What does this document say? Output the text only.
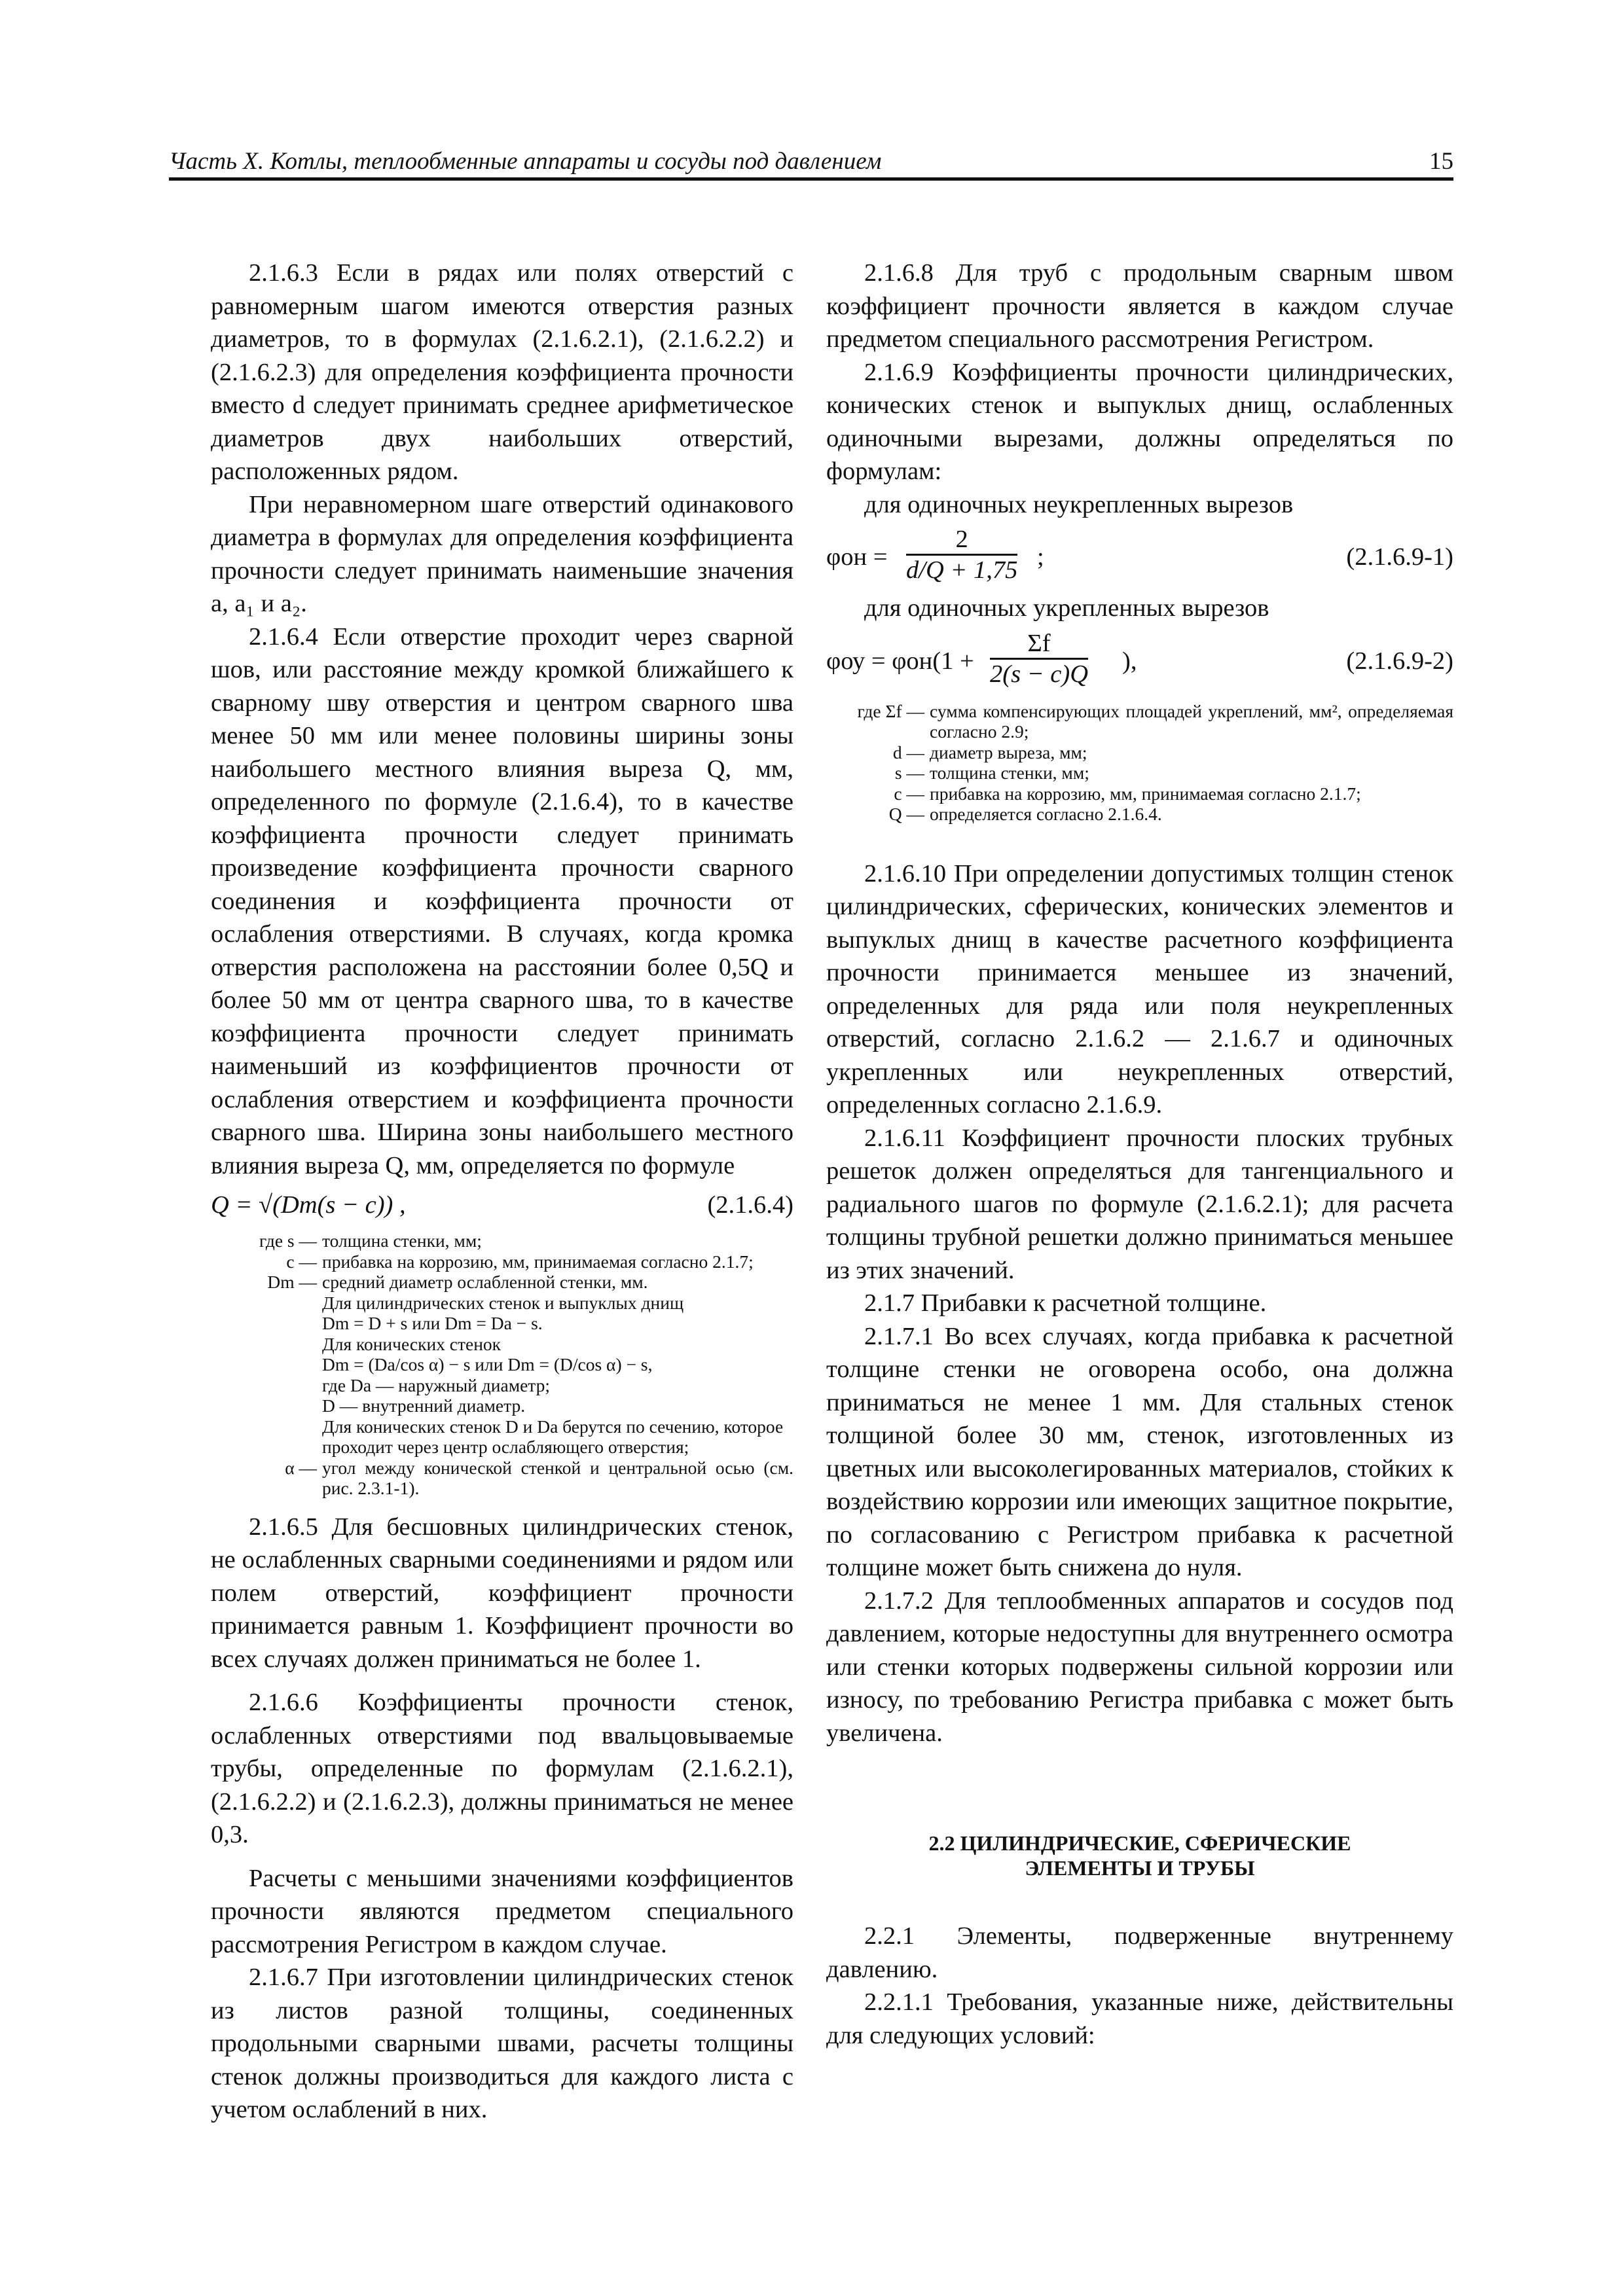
Часть X. Котлы, теплообменные аппараты и сосуды под давлением	15

2.1.6.3 Если в рядах или полях отверстий с равномерным шагом имеются отверстия разных диаметров, то в формулах (2.1.6.2.1), (2.1.6.2.2) и (2.1.6.2.3) для определения коэффициента прочности вместо d следует принимать среднее арифметическое диаметров двух наибольших отверстий, расположенных рядом.

При неравномерном шаге отверстий одинакового диаметра в формулах для определения коэффициента прочности следует принимать наименьшие значения a, a₁ и a₂.

2.1.6.4 Если отверстие проходит через сварной шов, или расстояние между кромкой ближайшего к сварному шву отверстия и центром сварного шва менее 50 мм или менее половины ширины зоны наибольшего местного влияния выреза Q, мм, определенного по формуле (2.1.6.4), то в качестве коэффициента прочности следует принимать произведение коэффициента прочности сварного соединения и коэффициента прочности от ослабления отверстиями. В случаях, когда кромка отверстия расположена на расстоянии более 0,5Q и более 50 мм от центра сварного шва, то в качестве коэффициента прочности следует принимать наименьший из коэффициентов прочности от ослабления отверстием и коэффициента прочности сварного шва. Ширина зоны наибольшего местного влияния выреза Q, мм, определяется по формуле

Q = √(Dm(s − c)) ,	(2.1.6.4)
где s — толщина стенки, мм;
c — прибавка на коррозию, мм, принимаемая согласно 2.1.7;
Dm — средний диаметр ослабленной стенки, мм.
Для цилиндрических стенок и выпуклых днищ
Dm = D + s или Dm = Da − s.
Для конических стенок
Dm = (Da/cos α) − s или Dm = (D/cos α) − s,
где Da — наружный диаметр;
D — внутренний диаметр.
Для конических стенок D и Da берутся по сечению, которое проходит через центр ослабляющего отверстия;
α — угол между конической стенкой и центральной осью (см. рис. 2.3.1-1).

2.1.6.5 Для бесшовных цилиндрических стенок, не ослабленных сварными соединениями и рядом или полем отверстий, коэффициент прочности принимается равным 1. Коэффициент прочности во всех случаях должен приниматься не более 1.

2.1.6.6 Коэффициенты прочности стенок, ослабленных отверстиями под ввальцовываемые трубы, определенные по формулам (2.1.6.2.1), (2.1.6.2.2) и (2.1.6.2.3), должны приниматься не менее 0,3.

Расчеты с меньшими значениями коэффициентов прочности являются предметом специального рассмотрения Регистром в каждом случае.

2.1.6.7 При изготовлении цилиндрических стенок из листов разной толщины, соединенных продольными сварными швами, расчеты толщины стенок должны производиться для каждого листа с учетом ослаблений в них.

2.1.6.8 Для труб с продольным сварным швом коэффициент прочности является в каждом случае предметом специального рассмотрения Регистром.

2.1.6.9 Коэффициенты прочности цилиндрических, конических стенок и выпуклых днищ, ослабленных одиночными вырезами, должны определяться по формулам:

для одиночных неукрепленных вырезов

$\varphi он = \frac{2}{d/Q + 1,75}$ ;	(2.1.6.9-1)

для одиночных укрепленных вырезов

$\varphi оу = \varphi он(1 + \frac{\Sigma f}{2(s - c)Q}$ ),	(2.1.6.9-2)
где Σf — сумма компенсирующих площадей укреплений, мм², определяемая согласно 2.9;
d — диаметр выреза, мм;
s — толщина стенки, мм;
c — прибавка на коррозию, мм, принимаемая согласно 2.1.7;
Q — определяется согласно 2.1.6.4.

2.1.6.10 При определении допустимых толщин стенок цилиндрических, сферических, конических элементов и выпуклых днищ в качестве расчетного коэффициента прочности принимается меньшее из значений, определенных для ряда или поля неукрепленных отверстий, согласно 2.1.6.2 — 2.1.6.7 и одиночных укрепленных или неукрепленных отверстий, определенных согласно 2.1.6.9.

2.1.6.11 Коэффициент прочности плоских трубных решеток должен определяться для тангенциального и радиального шагов по формуле (2.1.6.2.1); для расчета толщины трубной решетки должно приниматься меньшее из этих значений.

2.1.7 Прибавки к расчетной толщине.

2.1.7.1 Во всех случаях, когда прибавка к расчетной толщине стенки не оговорена особо, она должна приниматься не менее 1 мм. Для стальных стенок толщиной более 30 мм, стенок, изготовленных из цветных или высоколегированных материалов, стойких к воздействию коррозии или имеющих защитное покрытие, по согласованию с Регистром прибавка к расчетной толщине может быть снижена до нуля.

2.1.7.2 Для теплообменных аппаратов и сосудов под давлением, которые недоступны для внутреннего осмотра или стенки которых подвержены сильной коррозии или износу, по требованию Регистра прибавка c может быть увеличена.

2.2 ЦИЛИНДРИЧЕСКИЕ, СФЕРИЧЕСКИЕ
ЭЛЕМЕНТЫ И ТРУБЫ

2.2.1 Элементы, подверженные внутреннему давлению.

2.2.1.1 Требования, указанные ниже, действительны для следующих условий:
